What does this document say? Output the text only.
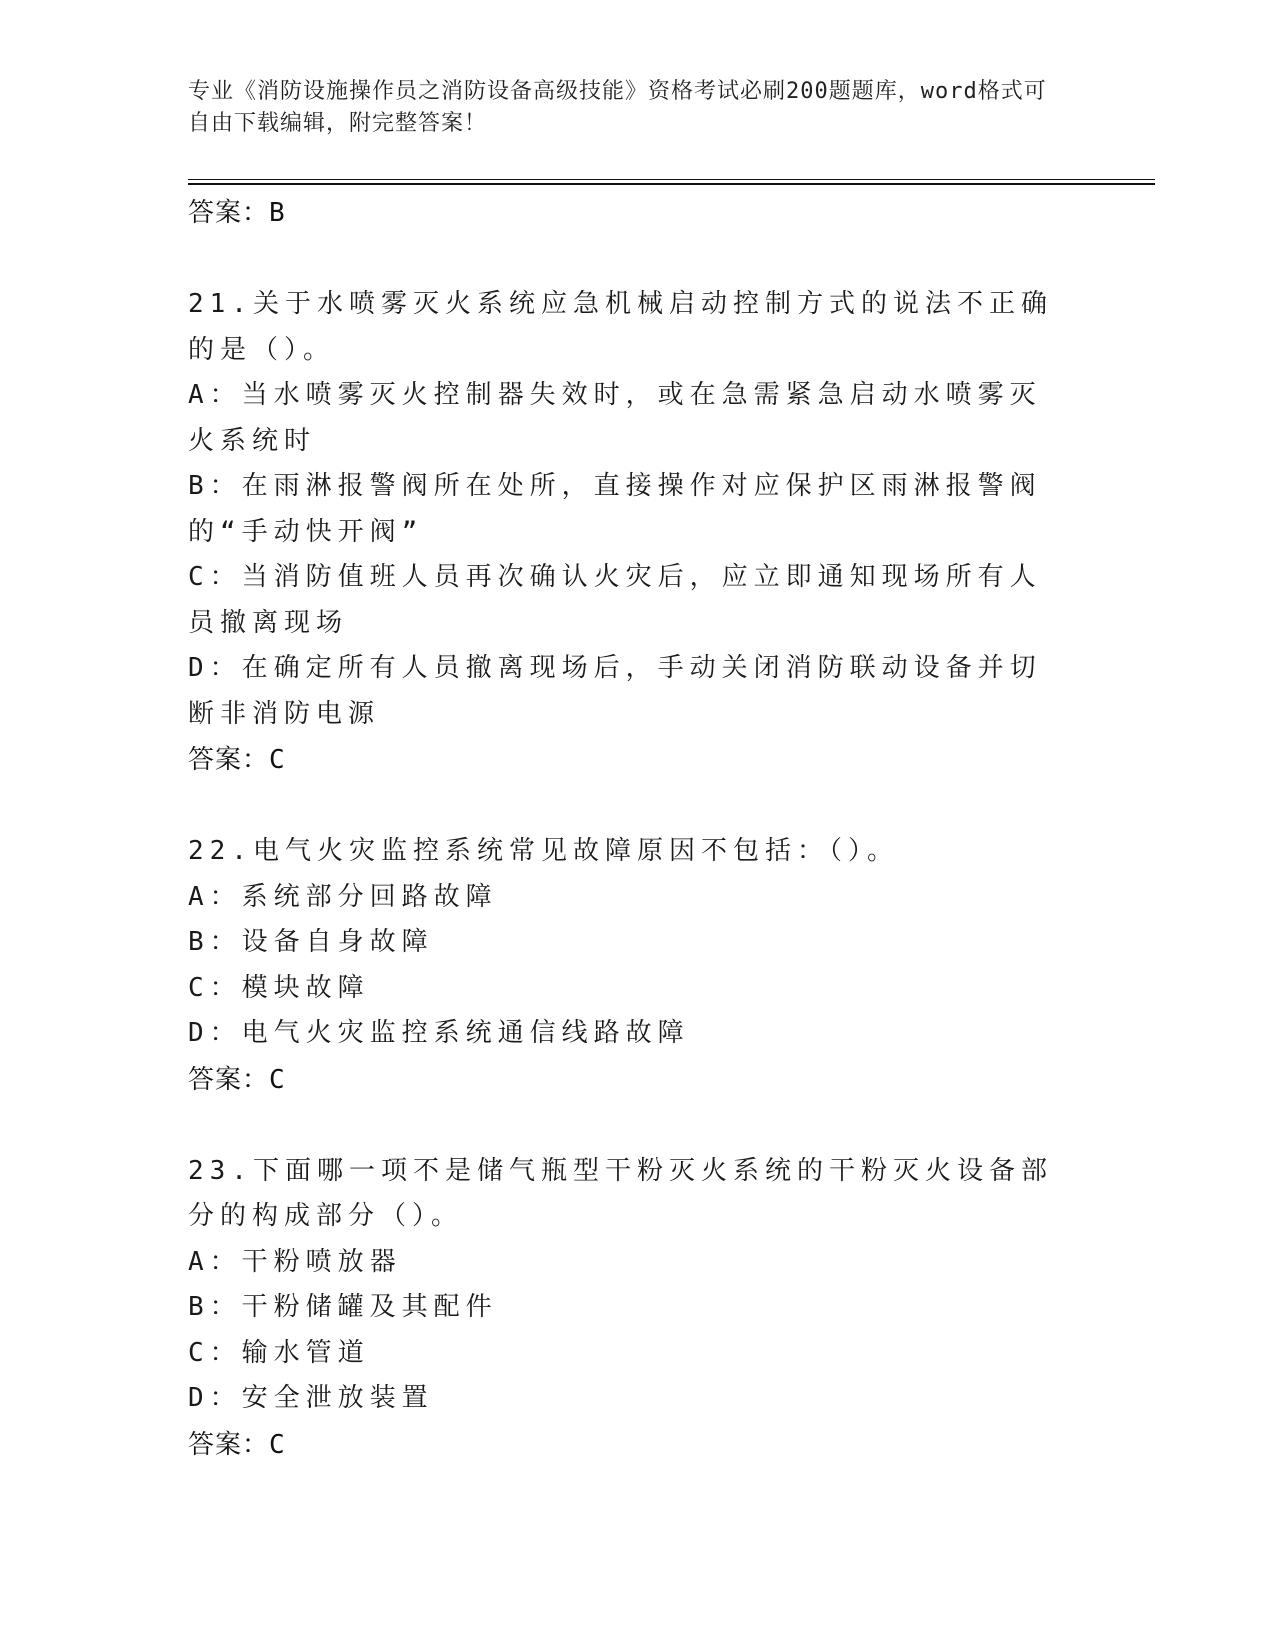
专业《消防设施操作员之消防设备高级技能》资格考试必刷200题题库，word格式可自由下载编辑，附完整答案！
答案：B
21.关于水喷雾灭火系统应急机械启动控制方式的说法不正确的是（）。
A：当水喷雾灭火控制器失效时，或在急需紧急启动水喷雾灭火系统时
B：在雨淋报警阀所在处所，直接操作对应保护区雨淋报警阀的“手动快开阀”
C：当消防值班人员再次确认火灾后，应立即通知现场所有人员撤离现场
D：在确定所有人员撤离现场后，手动关闭消防联动设备并切断非消防电源
答案：C
22.电气火灾监控系统常见故障原因不包括：（）。
A：系统部分回路故障
B：设备自身故障
C：模块故障
D：电气火灾监控系统通信线路故障
答案：C
23.下面哪一项不是储气瓶型干粉灭火系统的干粉灭火设备部分的构成部分（）。
A：干粉喷放器
B：干粉储罐及其配件
C：输水管道
D：安全泄放装置
答案：C
